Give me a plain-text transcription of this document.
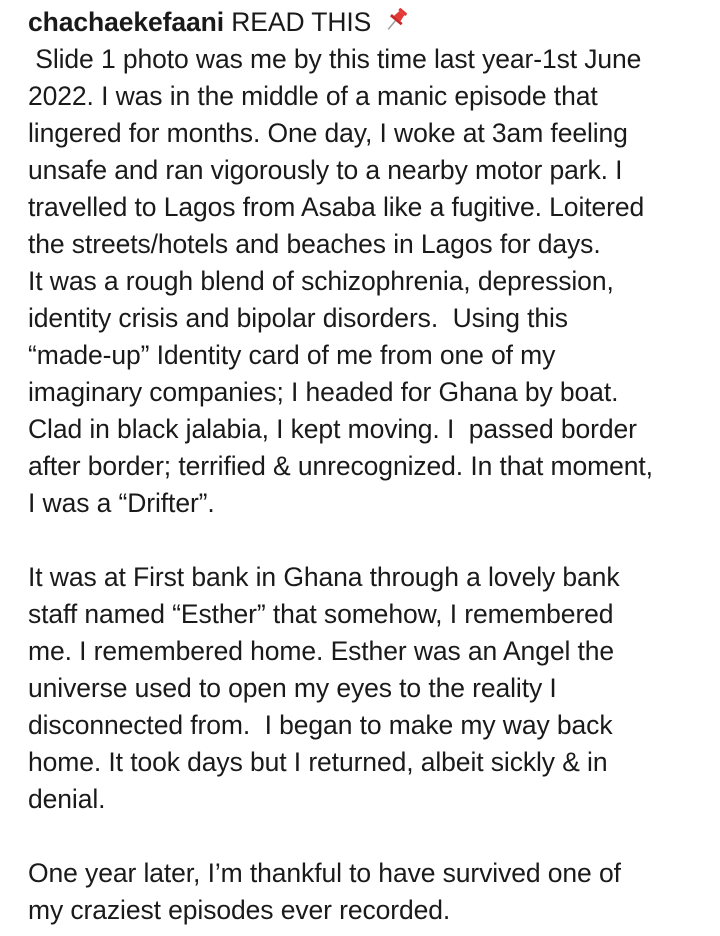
chachaekefaani READ THIS
Slide 1 photo was me by this time last year-1st June
2022. I was in the middle of a manic episode that
lingered for months. One day, I woke at 3am feeling
unsafe and ran vigorously to a nearby motor park. I
travelled to Lagos from Asaba like a fugitive. Loitered
the streets/hotels and beaches in Lagos for days.
It was a rough blend of schizophrenia, depression,
identity crisis and bipolar disorders.  Using this
“made-up” Identity card of me from one of my
imaginary companies; I headed for Ghana by boat.
Clad in black jalabia, I kept moving. I  passed border
after border; terrified & unrecognized. In that moment,
I was a “Drifter”.
It was at First bank in Ghana through a lovely bank
staff named “Esther” that somehow, I remembered
me. I remembered home. Esther was an Angel the
universe used to open my eyes to the reality I
disconnected from.  I began to make my way back
home. It took days but I returned, albeit sickly & in
denial.
One year later, I’m thankful to have survived one of
my craziest episodes ever recorded.
